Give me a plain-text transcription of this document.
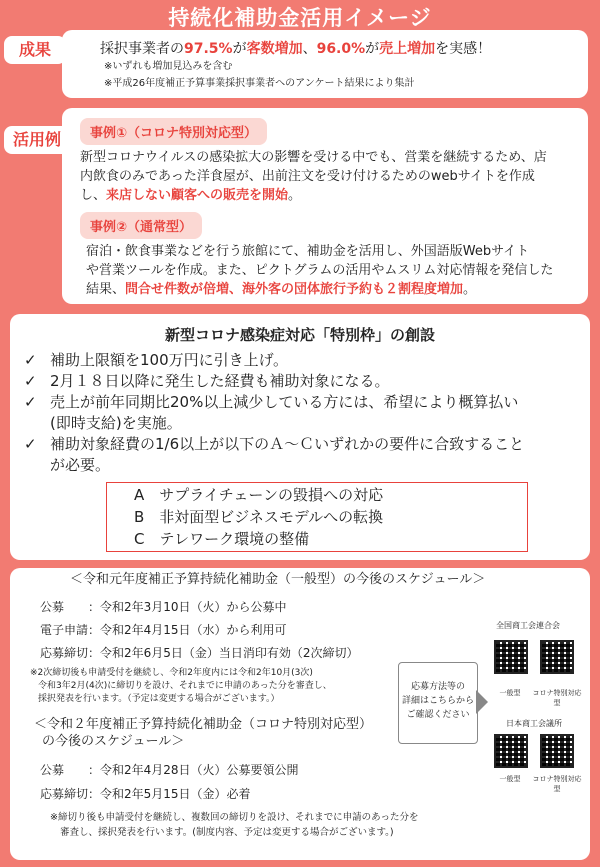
持続化補助金活用イメージ
成果	採択事業者の97.5%が客数増加、96.0%が売上増加を実感！
※いずれも増加見込みを含む
※平成26年度補正予算事業採択事業者へのアンケート結果により集計
活用例	事例①（コロナ特別対応型）
新型コロナウイルスの感染拡大の影響を受ける中でも、営業を継続するため、店
内飲食のみであった洋食屋が、出前注文を受け付けるためのwebサイトを作成
し、来店しない顧客への販売を開始。
事例②（通常型）
宿泊・飲食事業などを行う旅館にて、補助金を活用し、外国語版Webサイト
や営業ツールを作成。また、ピクトグラムの活用やムスリム対応情報を発信した
結果、問合せ件数が倍増、海外客の団体旅行予約も２割程度増加。
新型コロナ感染症対応「特別枠」の創設
✓ 補助上限額を100万円に引き上げ。
✓ 2月１８日以降に発生した経費も補助対象になる。
✓ 売上が前年同期比20%以上減少している方には、希望により概算払い
(即時支給)を実施。
✓ 補助対象経費の1/6以上が以下のＡ～Ｃいずれかの要件に合致すること
が必要。
A　サプライチェーンの毀損への対応
B　非対面型ビジネスモデルへの転換
C　テレワーク環境の整備
＜令和元年度補正予算持続化補助金（一般型）の今後のスケジュール＞
公募　　：令和2年3月10日（火）から公募中
電子申請：令和2年4月15日（水）から利用可
応募締切：令和2年6月5日（金）当日消印有効（2次締切）
※2次締切後も申請受付を継続し、令和2年度内には令和2年10月(3次)
令和3年2月(4次)に締切りを設け、それまでに申請のあった分を審査し、
採択発表を行います。（予定は変更する場合がございます。）
＜令和２年度補正予算持続化補助金（コロナ特別対応型）
の今後のスケジュール＞
公募　　：令和2年4月28日（火）公募要領公開
応募締切：令和2年5月15日（金）必着
※締切り後も申請受付を継続し、複数回の締切りを設け、それまでに申請のあった分を
審査し、採択発表を行います。(制度内容、予定は変更する場合がございます。)
応募方法等の
詳細はこちらから
ご確認ください
全国商工会連合会
一般型	コロナ特別対応型
日本商工会議所
一般型	コロナ特別対応型
